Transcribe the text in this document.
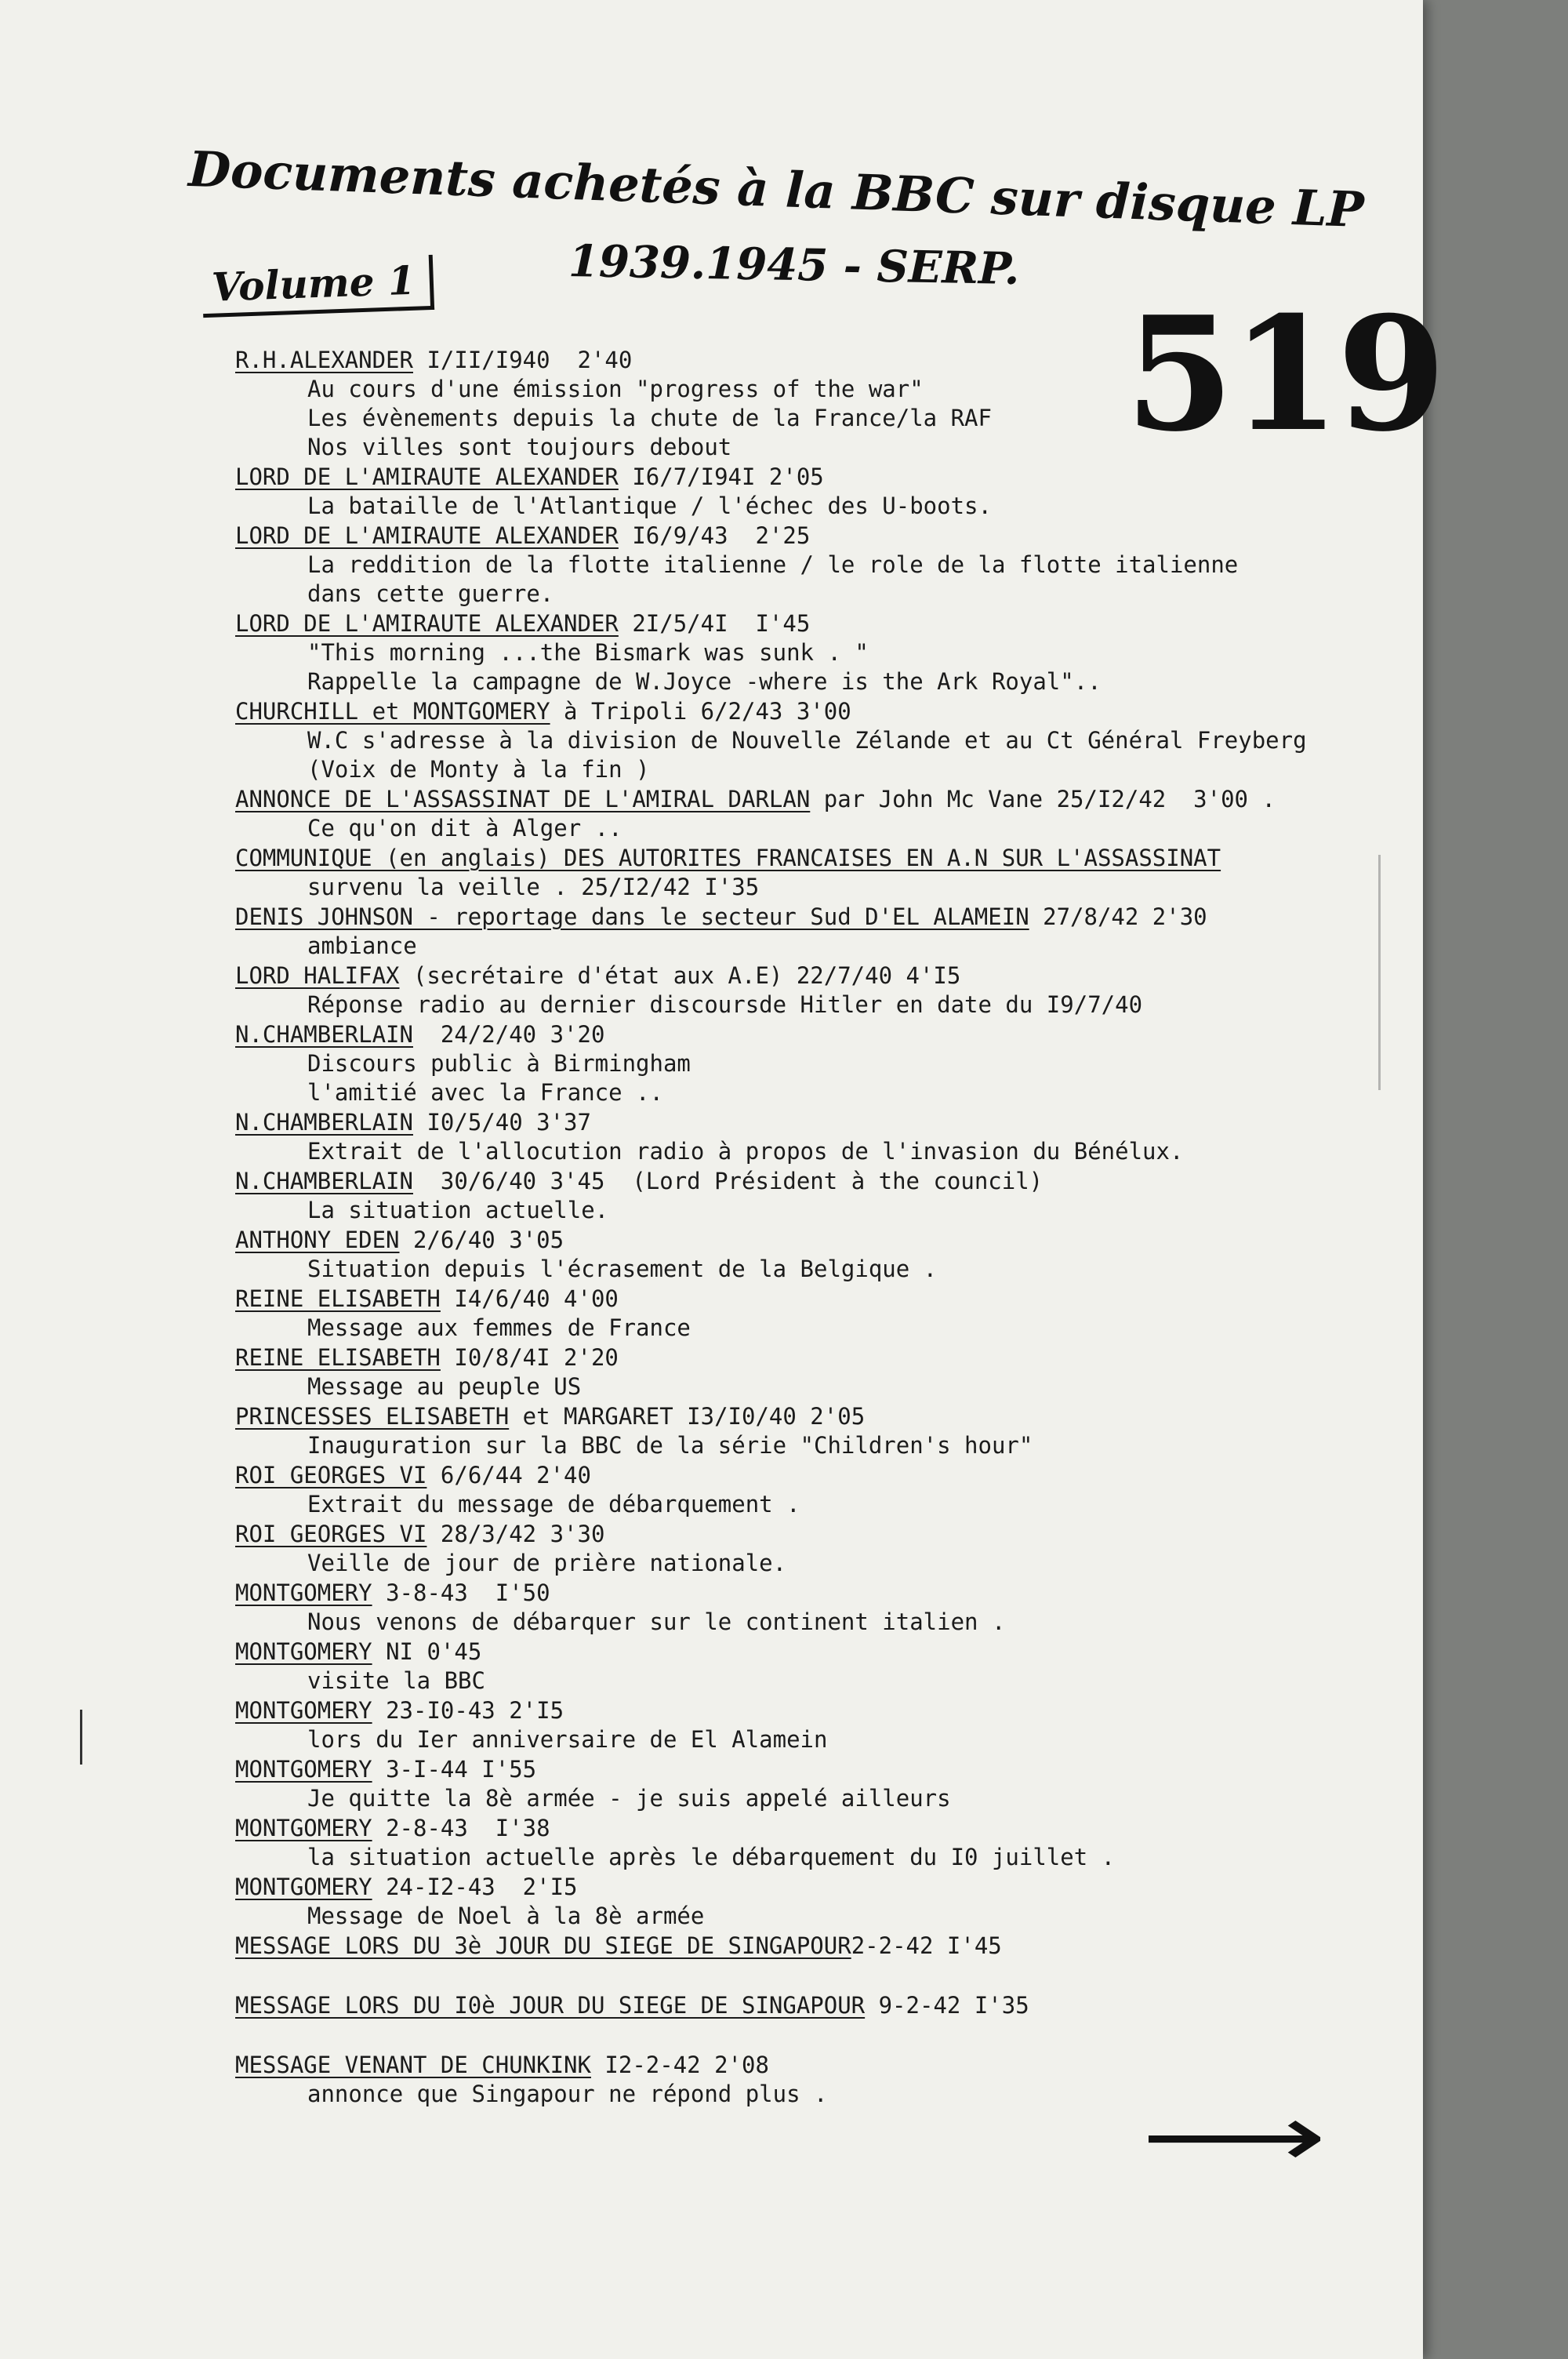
Documents achetés à la BBC sur disque LP
1939.1945 - SERP.
Volume 1	519
R.H.ALEXANDER I/II/I940  2'40
Au cours d'une émission "progress of the war"
Les évènements depuis la chute de la France/la RAF
Nos villes sont toujours debout
LORD DE L'AMIRAUTE ALEXANDER I6/7/I94I 2'05
La bataille de l'Atlantique / l'échec des U-boots.
LORD DE L'AMIRAUTE ALEXANDER I6/9/43  2'25
La reddition de la flotte italienne / le role de la flotte italienne
dans cette guerre.
LORD DE L'AMIRAUTE ALEXANDER 2I/5/4I  I'45
"This morning ...the Bismark was sunk . "
Rappelle la campagne de W.Joyce -where is the Ark Royal"..
CHURCHILL et MONTGOMERY à Tripoli 6/2/43 3'00
W.C s'adresse à la division de Nouvelle Zélande et au Ct Général Freyberg
(Voix de Monty à la fin )
ANNONCE DE L'ASSASSINAT DE L'AMIRAL DARLAN par John Mc Vane 25/I2/42  3'00 .
Ce qu'on dit à Alger ..
COMMUNIQUE (en anglais) DES AUTORITES FRANCAISES EN A.N SUR L'ASSASSINAT
survenu la veille . 25/I2/42 I'35
DENIS JOHNSON - reportage dans le secteur Sud D'EL ALAMEIN 27/8/42 2'30
ambiance
LORD HALIFAX (secrétaire d'état aux A.E) 22/7/40 4'I5
Réponse radio au dernier discoursde Hitler en date du I9/7/40
N.CHAMBERLAIN  24/2/40 3'20
Discours public à Birmingham
l'amitié avec la France ..
N.CHAMBERLAIN I0/5/40 3'37
Extrait de l'allocution radio à propos de l'invasion du Bénélux.
N.CHAMBERLAIN  30/6/40 3'45  (Lord Président à the council)
La situation actuelle.
ANTHONY EDEN 2/6/40 3'05
Situation depuis l'écrasement de la Belgique .
REINE ELISABETH I4/6/40 4'00
Message aux femmes de France
REINE ELISABETH I0/8/4I 2'20
Message au peuple US
PRINCESSES ELISABETH et MARGARET I3/I0/40 2'05
Inauguration sur la BBC de la série "Children's hour"
ROI GEORGES VI 6/6/44 2'40
Extrait du message de débarquement .
ROI GEORGES VI 28/3/42 3'30
Veille de jour de prière nationale.
MONTGOMERY 3-8-43  I'50
Nous venons de débarquer sur le continent italien .
MONTGOMERY NI 0'45
visite la BBC
MONTGOMERY 23-I0-43 2'I5
lors du Ier anniversaire de El Alamein
MONTGOMERY 3-I-44 I'55
Je quitte la 8è armée - je suis appelé ailleurs
MONTGOMERY 2-8-43  I'38
la situation actuelle après le débarquement du I0 juillet .
MONTGOMERY 24-I2-43  2'I5
Message de Noel à la 8è armée
MESSAGE LORS DU 3è JOUR DU SIEGE DE SINGAPOUR2-2-42 I'45
MESSAGE LORS DU I0è JOUR DU SIEGE DE SINGAPOUR 9-2-42 I'35
MESSAGE VENANT DE CHUNKINK I2-2-42 2'08
annonce que Singapour ne répond plus .	⟶
